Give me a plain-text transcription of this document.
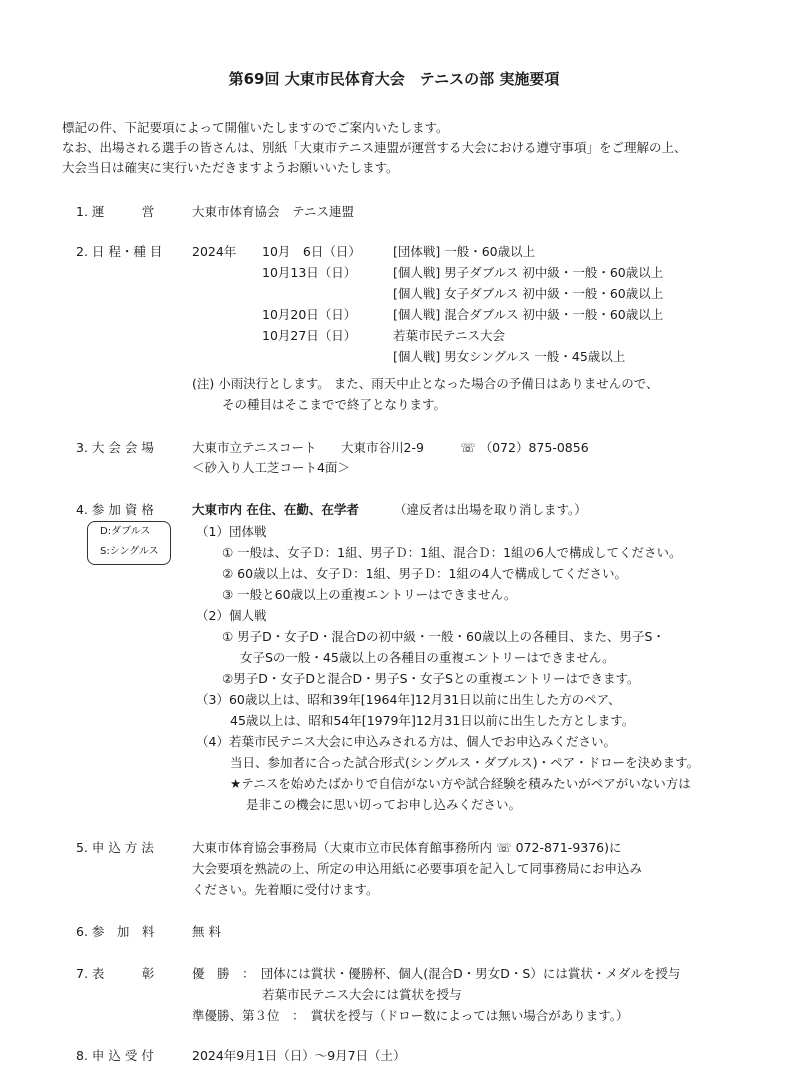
第69回 大東市民体育大会　テニスの部 実施要項
標記の件、下記要項によって開催いたしますのでご案内いたします。
なお、出場される選手の皆さんは、別紙「大東市テニス連盟が運営する大会における遵守事項」をご理解の上、
大会当日は確実に実行いただきますようお願いいたします。
1. 運　　　営	大東市体育協会　テニス連盟
2. 日 程・種 目 2024年 10月　6日（日）	[団体戦] 一般・60歳以上
10月13日（日）	[個人戦] 男子ダブルス 初中級・一般・60歳以上
[個人戦] 女子ダブルス 初中級・一般・60歳以上
10月20日（日）	[個人戦] 混合ダブルス 初中級・一般・60歳以上
10月27日（日）	若葉市民テニス大会
[個人戦] 男女シングルス 一般・45歳以上
(注) 小雨決行とします。 また、雨天中止となった場合の予備日はありませんので、
その種目はそこまでで終了となります。
3. 大 会 会 場	大東市立テニスコート 大東市谷川2-9	☏ （072）875-0856
＜砂入り人工芝コート4面＞
4. 参 加 資 格
D:ダブルス
S:シングルス
大東市内 在住、在勤、在学者	（違反者は出場を取り消します。）
（1）団体戦
① 一般は、女子Ｄ：1組、男子Ｄ：1組、混合Ｄ：1組の6人で構成してください。
② 60歳以上は、女子Ｄ：1組、男子Ｄ：1組の4人で構成してください。
③ 一般と60歳以上の重複エントリーはできません。
（2）個人戦
① 男子D・女子D・混合Dの初中級・一般・60歳以上の各種目、また、男子S・
女子Sの一般・45歳以上の各種目の重複エントリーはできません。
②男子D・女子Dと混合D・男子S・女子Sとの重複エントリーはできます。
（3）60歳以上は、昭和39年[1964年]12月31日以前に出生した方のペア、
45歳以上は、昭和54年[1979年]12月31日以前に出生した方とします。
（4）若葉市民テニス大会に申込みされる方は、個人でお申込みください。
当日、参加者に合った試合形式(シングルス・ダブルス)・ペア・ドローを決めます。
★テニスを始めたばかりで自信がない方や試合経験を積みたいがペアがいない方は
是非この機会に思い切ってお申し込みください。
5. 申 込 方 法	大東市体育協会事務局（大東市立市民体育館事務所内 ☏ 072-871-9376)に
大会要項を熟読の上、所定の申込用紙に必要事項を記入して同事務局にお申込み
ください。先着順に受付けます。
6. 参　加　料	無 料
7. 表　　　彰	優　勝　：　団体には賞状・優勝杯、個人(混合D・男女D・S）には賞状・メダルを授与
若葉市民テニス大会には賞状を授与
準優勝、第３位　：　賞状を授与（ドロー数によっては無い場合があります。）
8. 申 込 受 付	2024年9月1日（日）～9月7日（土）
